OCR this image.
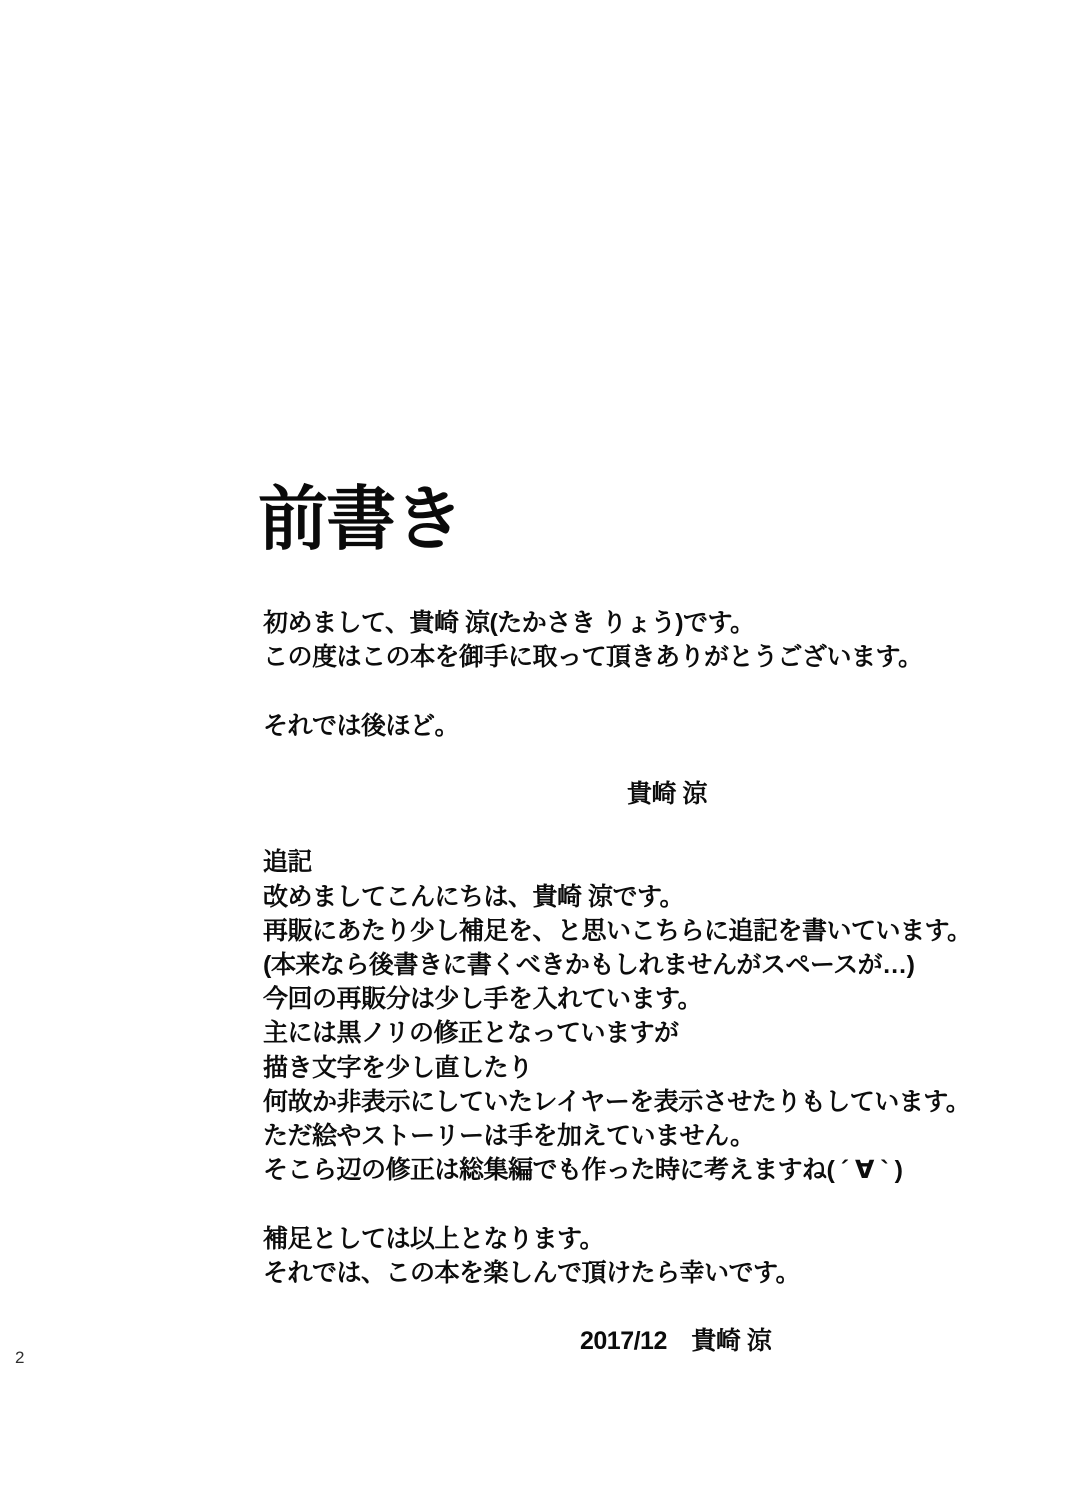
前書き
初めまして、貴崎 涼(たかさき りょう)です。
この度はこの本を御手に取って頂きありがとうございます。

それでは後ほど。

貴崎 涼

追記
改めましてこんにちは、貴崎 涼です。
再販にあたり少し補足を、と思いこちらに追記を書いています。
(本来なら後書きに書くべきかもしれませんがスペースが…)
今回の再販分は少し手を入れています。
主には黒ノリの修正となっていますが
描き文字を少し直したり
何故か非表示にしていたレイヤーを表示させたりもしています。
ただ絵やストーリーは手を加えていません。
そこら辺の修正は総集編でも作った時に考えますね( ´ ∀ ` )

補足としては以上となります。
それでは、この本を楽しんで頂けたら幸いです。

2017/12　貴崎 涼
2
